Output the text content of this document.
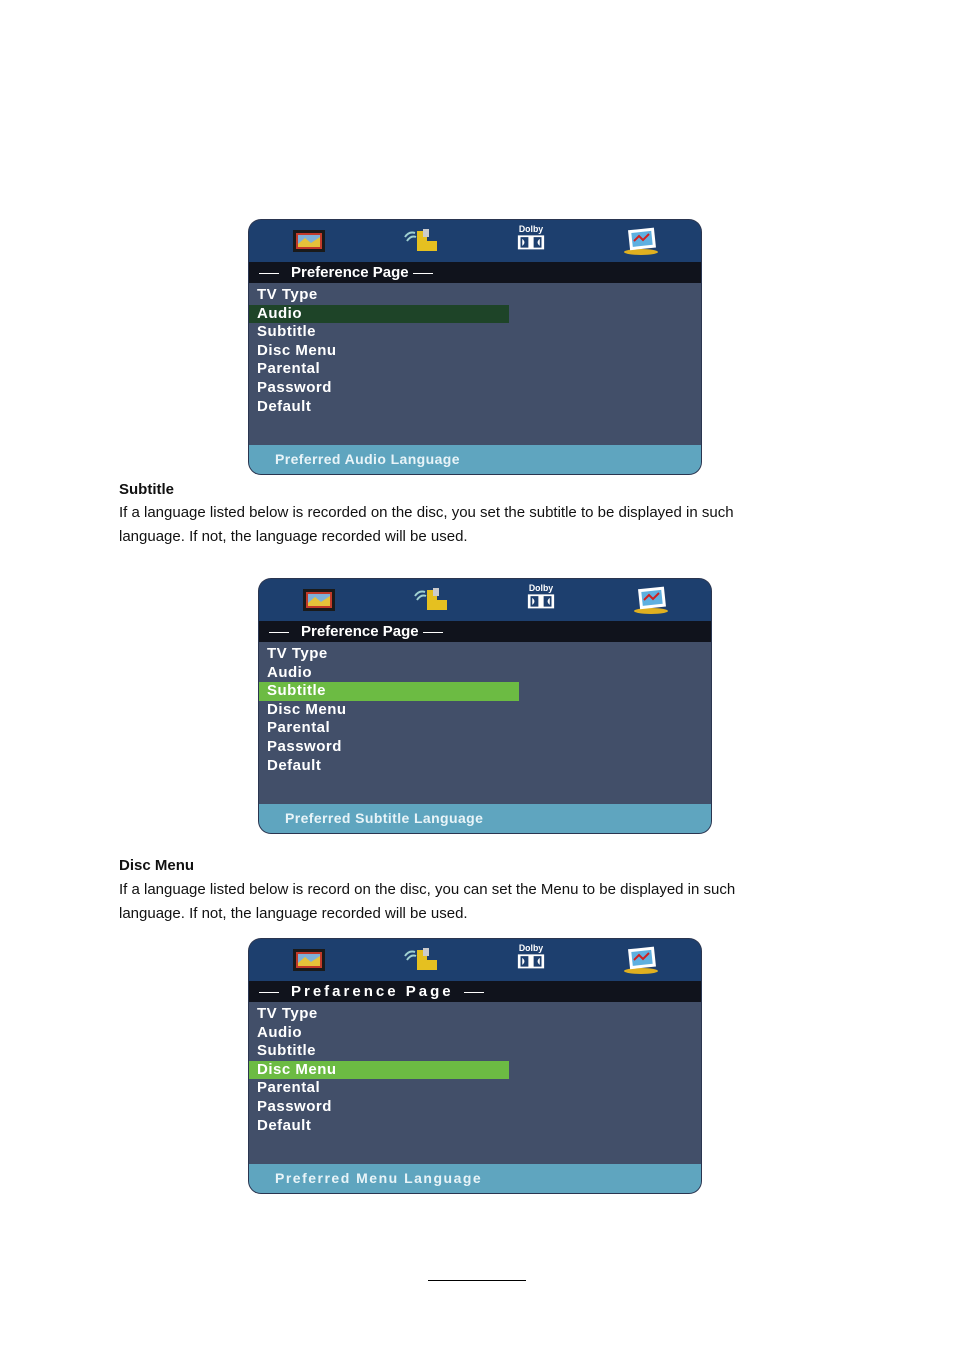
Dolby
Preference Page
TV Type
Audio
Subtitle
Disc Menu
Parental
Password
Default
Preferred Audio Language
Subtitle
If a language listed below is recorded on the disc, you set the subtitle to be displayed in such
language. If not, the language recorded will be used.
Dolby
Preference Page
TV Type
Audio
Subtitle
Disc Menu
Parental
Password
Default
Preferred Subtitle Language
Disc Menu
If a language listed below is record on the disc, you can set the Menu to be displayed in such
language. If not, the language recorded will be used.
Dolby
Prefarence Page
TV Type
Audio
Subtitle
Disc Menu
Parental
Password
Default
Preferred Menu Language
